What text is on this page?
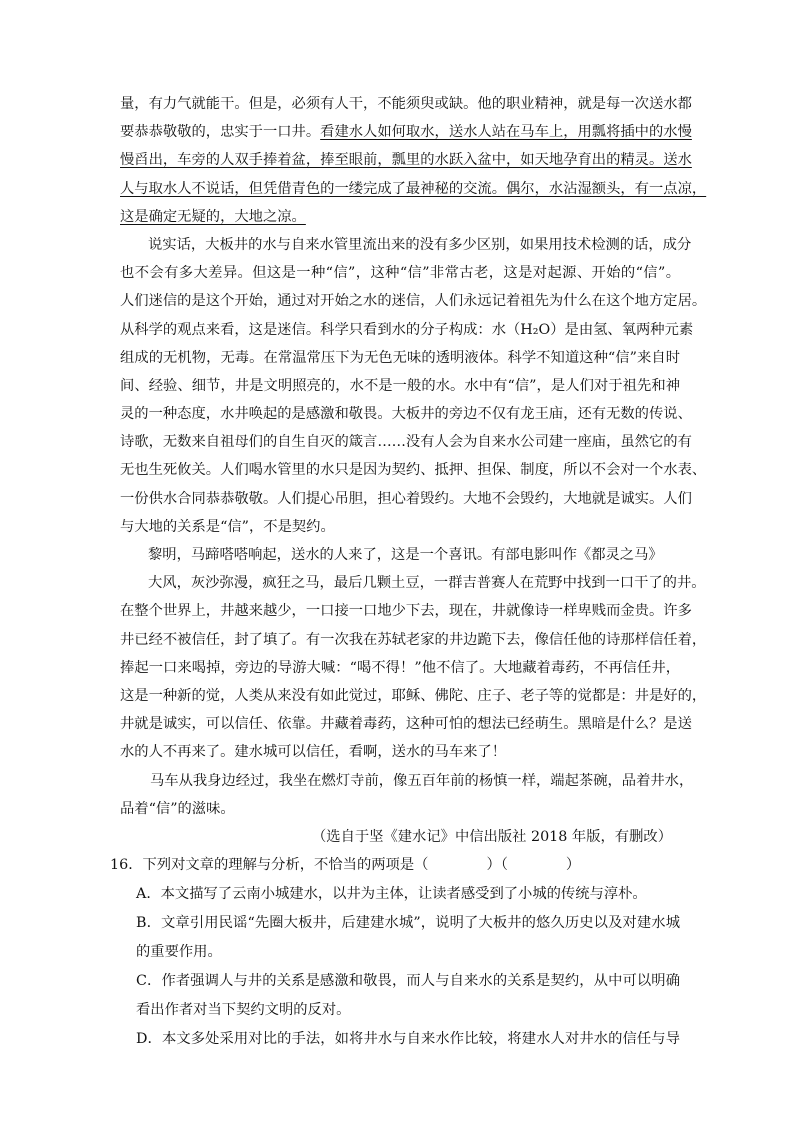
量，有力气就能干。但是，必须有人干，不能须臾或缺。他的职业精神，就是每一次送水都
要恭恭敬敬的，忠实于一口井。看建水人如何取水，送水人站在马车上，用瓢将插中的水慢
慢舀出，车旁的人双手捧着盆，捧至眼前，瓢里的水跃入盆中，如天地孕育出的精灵。送水
人与取水人不说话，但凭借青色的一缕完成了最神秘的交流。偶尔，水沾湿额头，有一点凉，
这是确定无疑的，大地之凉。
说实话，大板井的水与自来水管里流出来的没有多少区别，如果用技术检测的话，成分
也不会有多大差异。但这是一种“信”，这种“信”非常古老，这是对起源、开始的“信”。
人们迷信的是这个开始，通过对开始之水的迷信，人们永远记着祖先为什么在这个地方定居。
从科学的观点来看，这是迷信。科学只看到水的分子构成：水（H₂O）是由氢、氧两种元素
组成的无机物，无毒。在常温常压下为无色无味的透明液体。科学不知道这种“信”来自时
间、经验、细节，井是文明照亮的，水不是一般的水。水中有“信”，是人们对于祖先和神
灵的一种态度，水井唤起的是感激和敬畏。大板井的旁边不仅有龙王庙，还有无数的传说、
诗歌，无数来自祖母们的自生自灭的箴言……没有人会为自来水公司建一座庙，虽然它的有
无也生死攸关。人们喝水管里的水只是因为契约、抵押、担保、制度，所以不会对一个水表、
一份供水合同恭恭敬敬。人们提心吊胆，担心着毁约。大地不会毁约，大地就是诚实。人们
与大地的关系是“信”，不是契约。
黎明，马蹄嗒嗒响起，送水的人来了，这是一个喜讯。有部电影叫作《都灵之马》
大风，灰沙弥漫，疯狂之马，最后几颗土豆，一群吉普赛人在荒野中找到一口干了的井。
在整个世界上，井越来越少，一口接一口地少下去，现在，井就像诗一样卑贱而金贵。许多
井已经不被信任，封了填了。有一次我在苏轼老家的井边跪下去，像信任他的诗那样信任着，
捧起一口来喝掉，旁边的导游大喊：“喝不得！”他不信了。大地藏着毒药，不再信任井，
这是一种新的觉，人类从来没有如此觉过，耶稣、佛陀、庄子、老子等的觉都是：井是好的，
井就是诚实，可以信任、依靠。井藏着毒药，这种可怕的想法已经萌生。黑暗是什么？是送
水的人不再来了。建水城可以信任，看啊，送水的马车来了！
马车从我身边经过，我坐在燃灯寺前，像五百年前的杨慎一样，端起茶碗，品着井水，
品着“信”的滋味。
（选自于坚《建水记》中信出版社 2018 年版，有删改）
16．下列对文章的理解与分析，不恰当的两项是（	）（	）
A．本文描写了云南小城建水，以井为主体，让读者感受到了小城的传统与淳朴。
B．文章引用民谣“先圈大板井，后建建水城”，说明了大板井的悠久历史以及对建水城
的重要作用。
C．作者强调人与井的关系是感激和敬畏，而人与自来水的关系是契约，从中可以明确
看出作者对当下契约文明的反对。
D．本文多处采用对比的手法，如将井水与自来水作比较，将建水人对井水的信任与导
